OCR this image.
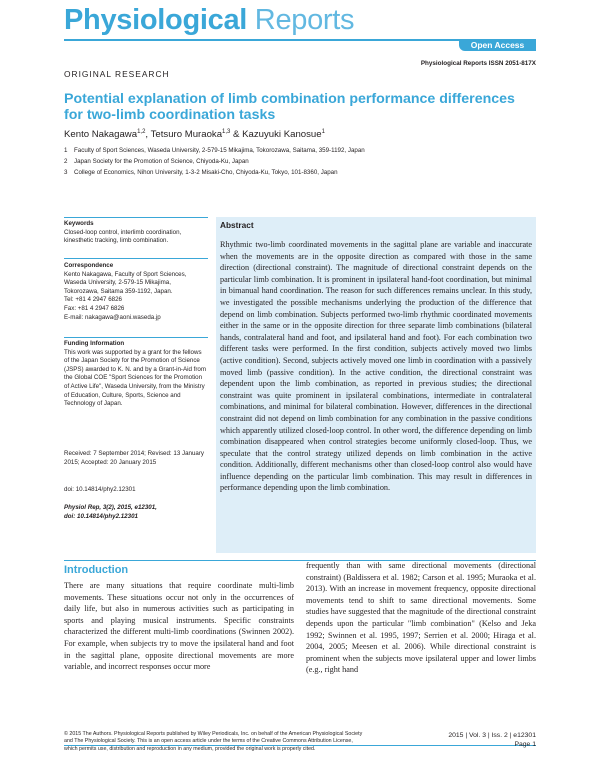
Physiological Reports
Open Access
Physiological Reports ISSN 2051-817X
ORIGINAL RESEARCH
Potential explanation of limb combination performance differences for two-limb coordination tasks
Kento Nakagawa$^{1,2}$, Tetsuro Muraoka$^{1,3}$ & Kazuyuki Kanosue$^1$
1 Faculty of Sport Sciences, Waseda University, 2-579-15 Mikajima, Tokorozawa, Saitama, 359-1192, Japan
2 Japan Society for the Promotion of Science, Chiyoda-Ku, Japan
3 College of Economics, Nihon University, 1-3-2 Misaki-Cho, Chiyoda-Ku, Tokyo, 101-8360, Japan
Keywords
Closed-loop control, interlimb coordination, kinesthetic tracking, limb combination.
Correspondence
Kento Nakagawa, Faculty of Sport Sciences,
Waseda University, 2-579-15 Mikajima,
Tokorozawa, Saitama 359-1192, Japan.
Tel: +81 4 2947 6826
Fax: +81 4 2947 6826
E-mail: nakagawa@aoni.waseda.jp
Funding Information
This work was supported by a grant for the fellows of the Japan Society for the Promotion of Science (JSPS) awarded to K. N. and by a Grant-in-Aid from the Global COE "Sport Sciences for the Promotion of Active Life", Waseda University, from the Ministry of Education, Culture, Sports, Science and Technology of Japan.
Received: 7 September 2014; Revised: 13 January 2015; Accepted: 20 January 2015
doi: 10.14814/phy2.12301
Physiol Rep, 3(2), 2015, e12301,
doi: 10.14814/phy2.12301
Abstract
Rhythmic two-limb coordinated movements in the sagittal plane are variable and inaccurate when the movements are in the opposite direction as compared with those in the same direction (directional constraint). The magnitude of directional constraint depends on the particular limb combination. It is prominent in ipsilateral hand-foot coordination, but minimal in bimanual hand coordination. The reason for such differences remains unclear. In this study, we investigated the possible mechanisms underlying the production of the difference that depend on limb combination. Subjects performed two-limb rhythmic coordinated movements either in the same or in the opposite direction for three separate limb combinations (bilateral hands, contralateral hand and foot, and ipsilateral hand and foot). For each combination two different tasks were performed. In the first condition, subjects actively moved two limbs (active condition). Second, subjects actively moved one limb in coordination with a passively moved limb (passive condition). In the active condition, the directional constraint was dependent upon the limb combination, as reported in previous studies; the directional constraint was quite prominent in ipsilateral combinations, intermediate in contralateral combinations, and minimal for bilateral combination. However, differences in the directional constraint did not depend on limb combination for any combination in the passive conditions which apparently utilized closed-loop control. In other word, the difference depending on limb combination disappeared when control strategies become uniformly closed-loop. Thus, we speculate that the control strategy utilized depends on limb combination in the active condition. Additionally, different mechanisms other than closed-loop control also would have influence depending on the particular limb combination. This may result in differences in performance depending upon the limb combination.
Introduction
There are many situations that require coordinate multi-limb movements. These situations occur not only in the occurrences of daily life, but also in numerous activities such as participating in sports and playing musical instruments. Specific constraints characterized the different multi-limb coordinations (Swinnen 2002). For example, when subjects try to move the ipsilateral hand and foot in the sagittal plane, opposite directional movements are more variable, and incorrect responses occur more
frequently than with same directional movements (directional constraint) (Baldissera et al. 1982; Carson et al. 1995; Muraoka et al. 2013). With an increase in movement frequency, opposite directional movements tend to shift to same directional movements. Some studies have suggested that the magnitude of the directional constraint depends upon the particular "limb combination" (Kelso and Jeka 1992; Swinnen et al. 1995, 1997; Serrien et al. 2000; Hiraga et al. 2004, 2005; Meesen et al. 2006). While directional constraint is prominent when the subjects move ipsilateral upper and lower limbs (e.g., right hand
© 2015 The Authors. Physiological Reports published by Wiley Periodicals, Inc. on behalf of the American Physiological Society and The Physiological Society. This is an open access article under the terms of the Creative Commons Attribution License, which permits use, distribution and reproduction in any medium, provided the original work is properly cited.
2015 | Vol. 3 | Iss. 2 | e12301
Page 1
